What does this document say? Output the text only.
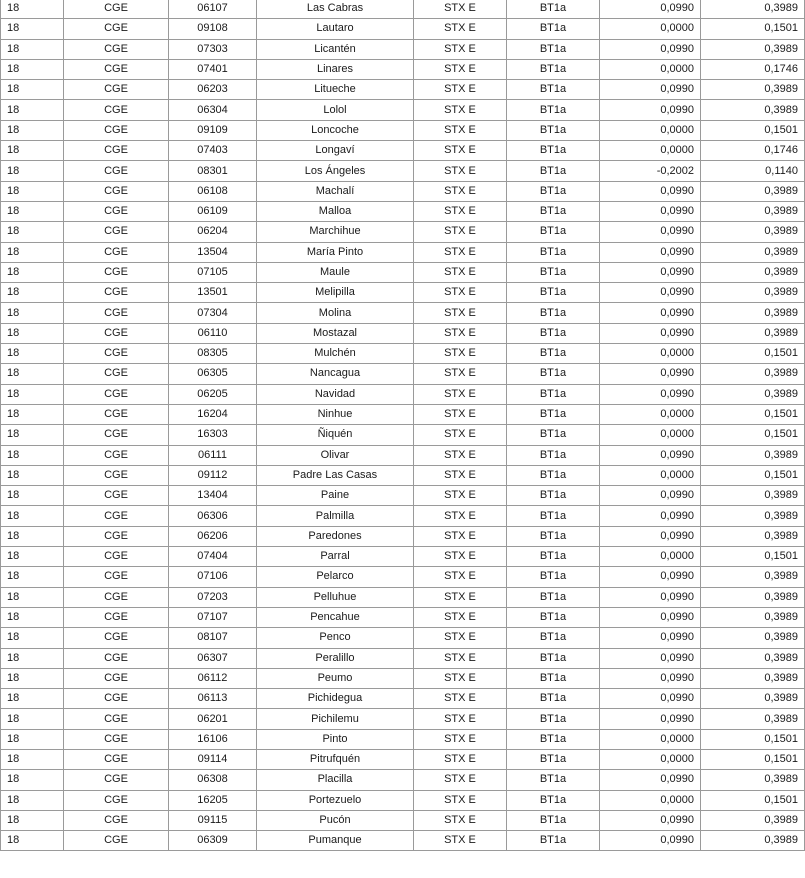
18	CGE	06107	Las Cabras	STX E	BT1a	0,0990	0,3989
18	CGE	09108	Lautaro	STX E	BT1a	0,0000	0,1501
18	CGE	07303	Licantén	STX E	BT1a	0,0990	0,3989
18	CGE	07401	Linares	STX E	BT1a	0,0000	0,1746
18	CGE	06203	Litueche	STX E	BT1a	0,0990	0,3989
18	CGE	06304	Lolol	STX E	BT1a	0,0990	0,3989
18	CGE	09109	Loncoche	STX E	BT1a	0,0000	0,1501
18	CGE	07403	Longaví	STX E	BT1a	0,0000	0,1746
18	CGE	08301	Los Ángeles	STX E	BT1a	-0,2002	0,1140
18	CGE	06108	Machalí	STX E	BT1a	0,0990	0,3989
18	CGE	06109	Malloa	STX E	BT1a	0,0990	0,3989
18	CGE	06204	Marchihue	STX E	BT1a	0,0990	0,3989
18	CGE	13504	María Pinto	STX E	BT1a	0,0990	0,3989
18	CGE	07105	Maule	STX E	BT1a	0,0990	0,3989
18	CGE	13501	Melipilla	STX E	BT1a	0,0990	0,3989
18	CGE	07304	Molina	STX E	BT1a	0,0990	0,3989
18	CGE	06110	Mostazal	STX E	BT1a	0,0990	0,3989
18	CGE	08305	Mulchén	STX E	BT1a	0,0000	0,1501
18	CGE	06305	Nancagua	STX E	BT1a	0,0990	0,3989
18	CGE	06205	Navidad	STX E	BT1a	0,0990	0,3989
18	CGE	16204	Ninhue	STX E	BT1a	0,0000	0,1501
18	CGE	16303	Ñiquén	STX E	BT1a	0,0000	0,1501
18	CGE	06111	Olivar	STX E	BT1a	0,0990	0,3989
18	CGE	09112	Padre Las Casas	STX E	BT1a	0,0000	0,1501
18	CGE	13404	Paine	STX E	BT1a	0,0990	0,3989
18	CGE	06306	Palmilla	STX E	BT1a	0,0990	0,3989
18	CGE	06206	Paredones	STX E	BT1a	0,0990	0,3989
18	CGE	07404	Parral	STX E	BT1a	0,0000	0,1501
18	CGE	07106	Pelarco	STX E	BT1a	0,0990	0,3989
18	CGE	07203	Pelluhue	STX E	BT1a	0,0990	0,3989
18	CGE	07107	Pencahue	STX E	BT1a	0,0990	0,3989
18	CGE	08107	Penco	STX E	BT1a	0,0990	0,3989
18	CGE	06307	Peralillo	STX E	BT1a	0,0990	0,3989
18	CGE	06112	Peumo	STX E	BT1a	0,0990	0,3989
18	CGE	06113	Pichidegua	STX E	BT1a	0,0990	0,3989
18	CGE	06201	Pichilemu	STX E	BT1a	0,0990	0,3989
18	CGE	16106	Pinto	STX E	BT1a	0,0000	0,1501
18	CGE	09114	Pitrufquén	STX E	BT1a	0,0000	0,1501
18	CGE	06308	Placilla	STX E	BT1a	0,0990	0,3989
18	CGE	16205	Portezuelo	STX E	BT1a	0,0000	0,1501
18	CGE	09115	Pucón	STX E	BT1a	0,0990	0,3989
18	CGE	06309	Pumanque	STX E	BT1a	0,0990	0,3989
